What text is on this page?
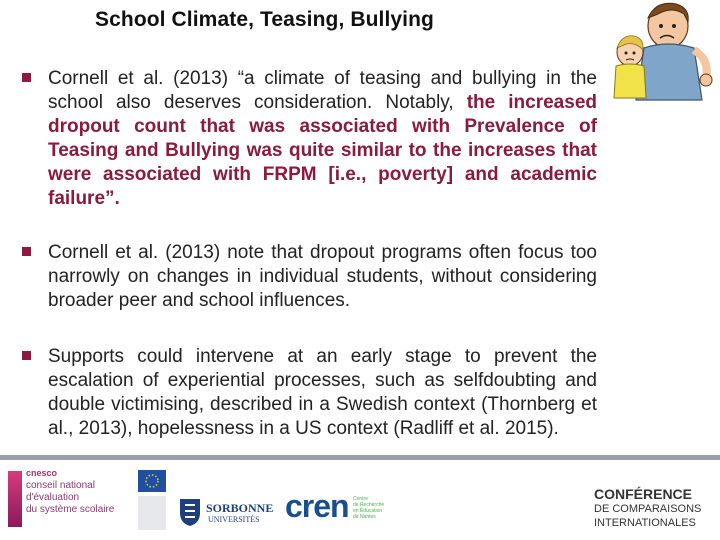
School Climate, Teasing, Bullying
Cornell et al. (2013) “a climate of teasing and bullying in the school also deserves consideration. Notably, the increased dropout count that was associated with Prevalence of Teasing and Bullying was quite similar to the increases that were associated with FRPM [i.e., poverty] and academic failure”.
Cornell et al. (2013) note that dropout programs often focus too narrowly on changes in individual students, without considering broader peer and school influences.
Supports could intervene at an early stage to prevent the escalation of experiential processes, such as selfdoubting and double victimising, described in a Swedish context (Thornberg et al., 2013), hopelessness in a US context (Radliff et al. 2015).
cnesco
conseil national
d'évaluation
du système scolaire	SORBONNE
UNIVERSITÉS cren Centre
de Recherche
en Éducation
de Nantes
CONFÉRENCE
DE COMPARAISONS
INTERNATIONALES
